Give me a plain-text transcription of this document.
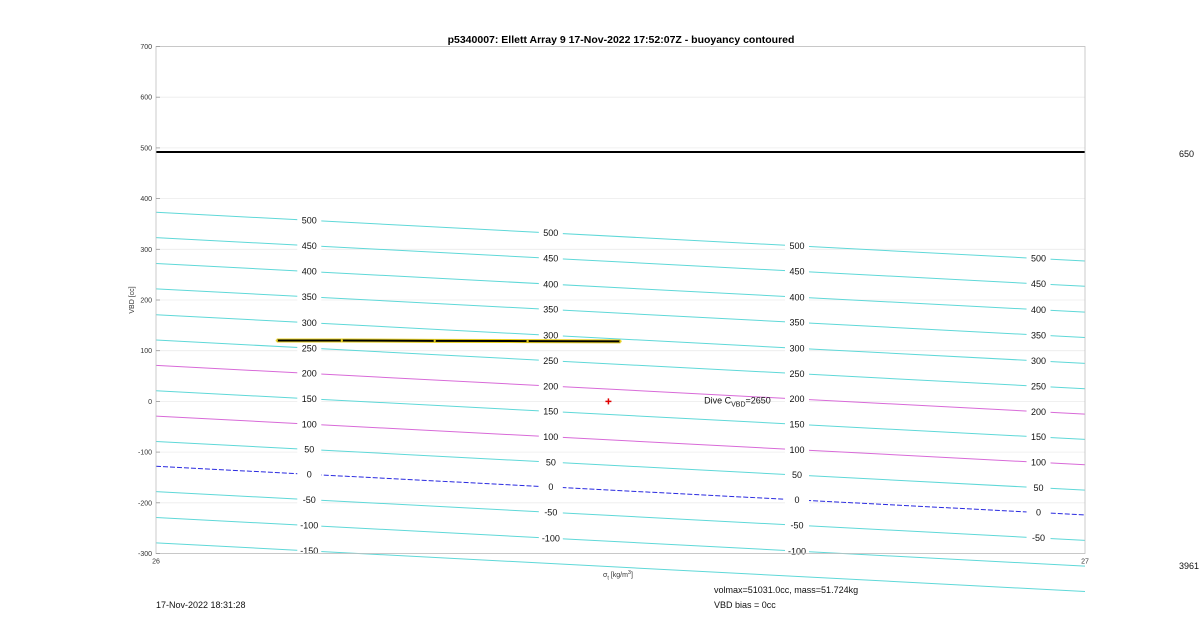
500
500
500
500
450
450
450
450
400
400
400
400
350
350
350
350
300
300
300
300
250
250
250
250
200
200
200
200
150
150
150
150
100
100
100
100
50
50
50
50
0
0
0
0
-50
-50
-50
-50
-100
-100
-100
-150
700
600
500
400
300
200
100
0
-100
-200
-300
26	27
p5340007: Ellett Array 9 17-Nov-2022 17:52:07Z - buoyancy contoured
VBD [cc]
$\sigma_t$ $[kg/m^3]$
Dive $C_{VBD}=2650$
650
3961
17-Nov-2022 18:31:28
volmax=51031.0cc, mass=51.724kg
VBD bias = 0cc
